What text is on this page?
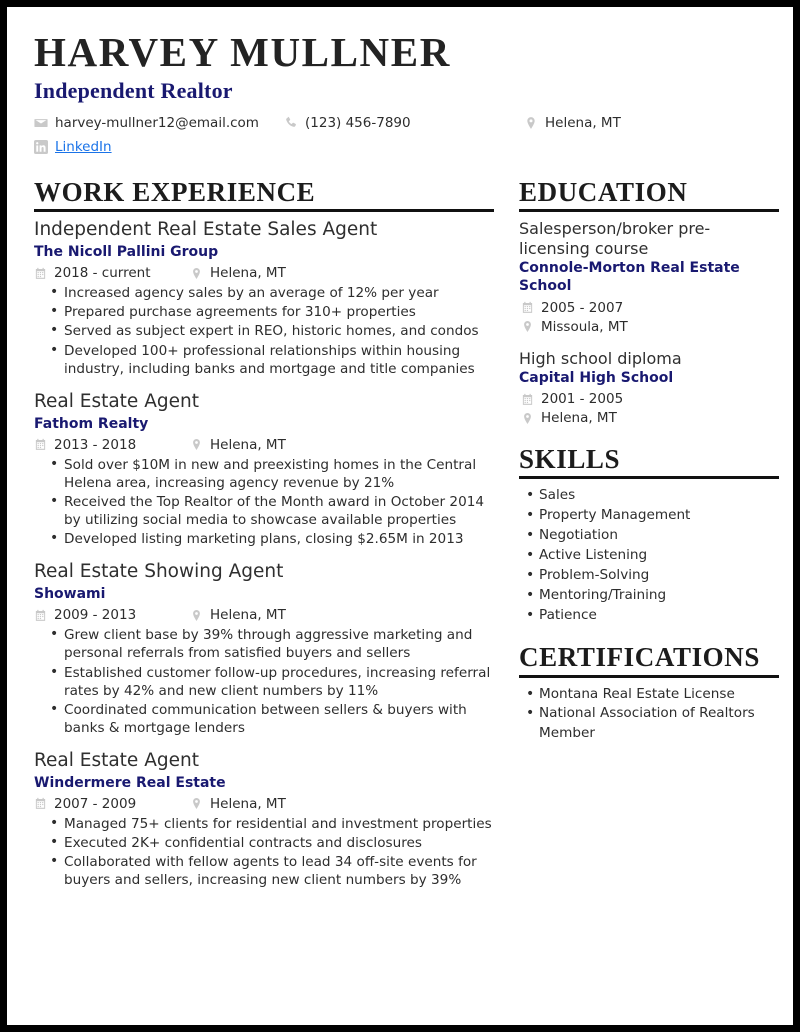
HARVEY MULLNER
Independent Realtor
harvey-mullner12@email.com	(123) 456-7890	Helena, MT
LinkedIn
WORK EXPERIENCE
Independent Real Estate Sales Agent
The Nicoll Pallini Group
2018 - current	Helena, MT
• Increased agency sales by an average of 12% per year
• Prepared purchase agreements for 310+ properties
• Served as subject expert in REO, historic homes, and condos
• Developed 100+ professional relationships within housing industry, including banks and mortgage and title companies
Real Estate Agent
Fathom Realty
2013 - 2018	Helena, MT
• Sold over $10M in new and preexisting homes in the Central Helena area, increasing agency revenue by 21%
• Received the Top Realtor of the Month award in October 2014 by utilizing social media to showcase available properties
• Developed listing marketing plans, closing $2.65M in 2013
Real Estate Showing Agent
Showami
2009 - 2013	Helena, MT
• Grew client base by 39% through aggressive marketing and personal referrals from satisfied buyers and sellers
• Established customer follow-up procedures, increasing referral rates by 42% and new client numbers by 11%
• Coordinated communication between sellers & buyers with banks & mortgage lenders
Real Estate Agent
Windermere Real Estate
2007 - 2009	Helena, MT
• Managed 75+ clients for residential and investment properties
• Executed 2K+ confidential contracts and disclosures
• Collaborated with fellow agents to lead 34 off-site events for buyers and sellers, increasing new client numbers by 39%
EDUCATION
Salesperson/broker pre-licensing course
Connole-Morton Real Estate School
2005 - 2007
Missoula, MT
High school diploma
Capital High School
2001 - 2005
Helena, MT
SKILLS
• Sales
• Property Management
• Negotiation
• Active Listening
• Problem-Solving
• Mentoring/Training
• Patience
CERTIFICATIONS
• Montana Real Estate License
• National Association of Realtors Member
